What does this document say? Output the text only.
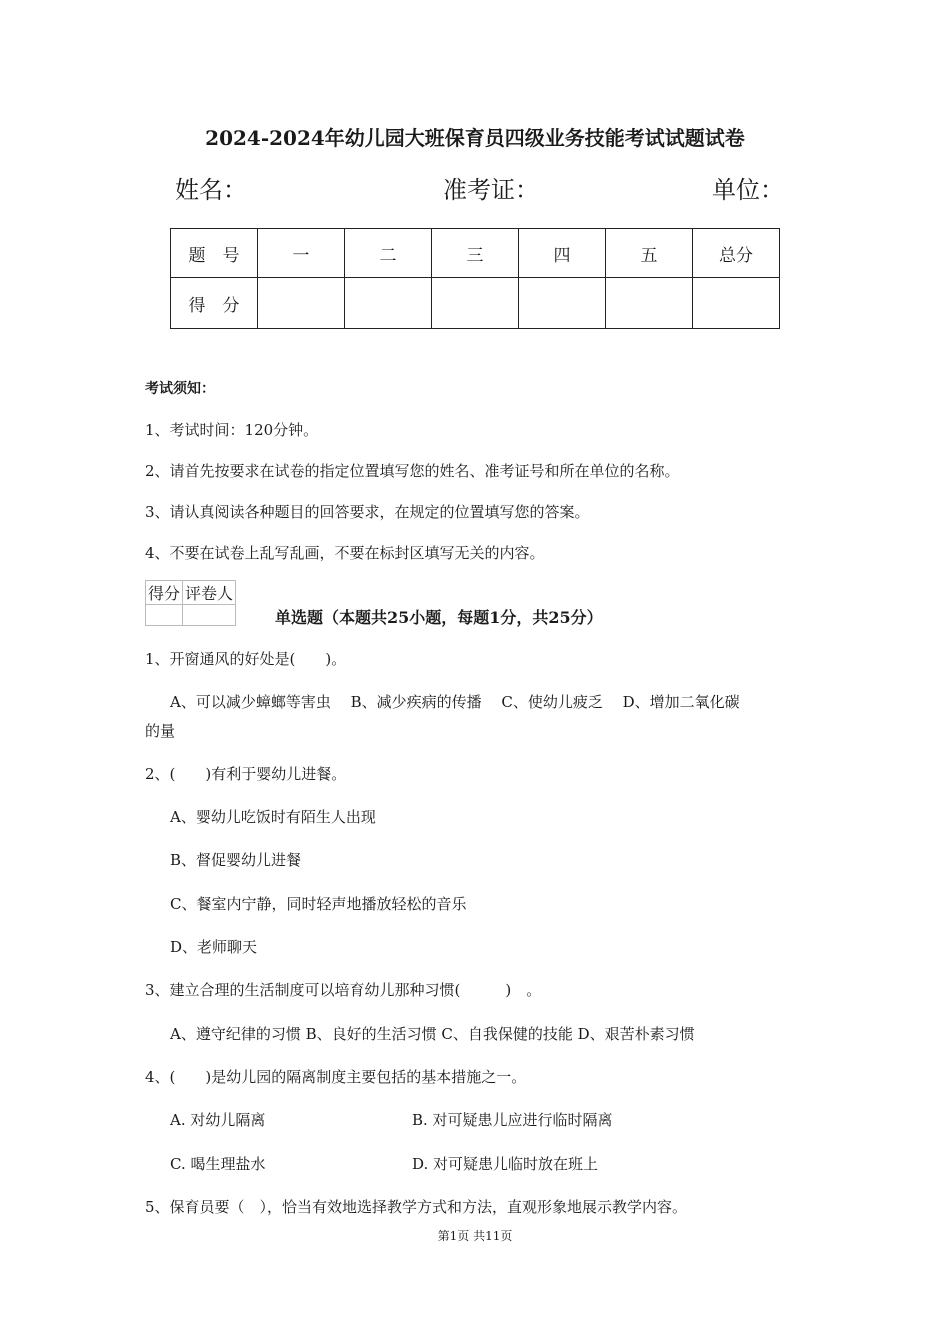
2024-2024年幼儿园大班保育员四级业务技能考试试题试卷
姓名：	准考证：	单位：
题　号	一	二	三	四	五	总分
得　分						
考试须知：
1、考试时间：120分钟。
2、请首先按要求在试卷的指定位置填写您的姓名、准考证号和所在单位的名称。
3、请认真阅读各种题目的回答要求，在规定的位置填写您的答案。
4、不要在试卷上乱写乱画，不要在标封区填写无关的内容。
得分	评卷人

单选题（本题共25小题，每题1分，共25分）
1、开窗通风的好处是(　　)。
A、可以减少蟑螂等害虫　 B、减少疾病的传播　 C、使幼儿疲乏　 D、增加二氧化碳
的量
2、(　　)有利于婴幼儿进餐。
A、婴幼儿吃饭时有陌生人出现
B、督促婴幼儿进餐
C、餐室内宁静，同时轻声地播放轻松的音乐
D、老师聊天
3、建立合理的生活制度可以培育幼儿那种习惯(　　　)　。
A、遵守纪律的习惯 B、良好的生活习惯 C、自我保健的技能 D、艰苦朴素习惯
4、(　　)是幼儿园的隔离制度主要包括的基本措施之一。
A. 对幼儿隔离	B. 对可疑患儿应进行临时隔离
C. 喝生理盐水	D. 对可疑患儿临时放在班上
5、保育员要（　），恰当有效地选择教学方式和方法，直观形象地展示教学内容。
第1页 共11页
